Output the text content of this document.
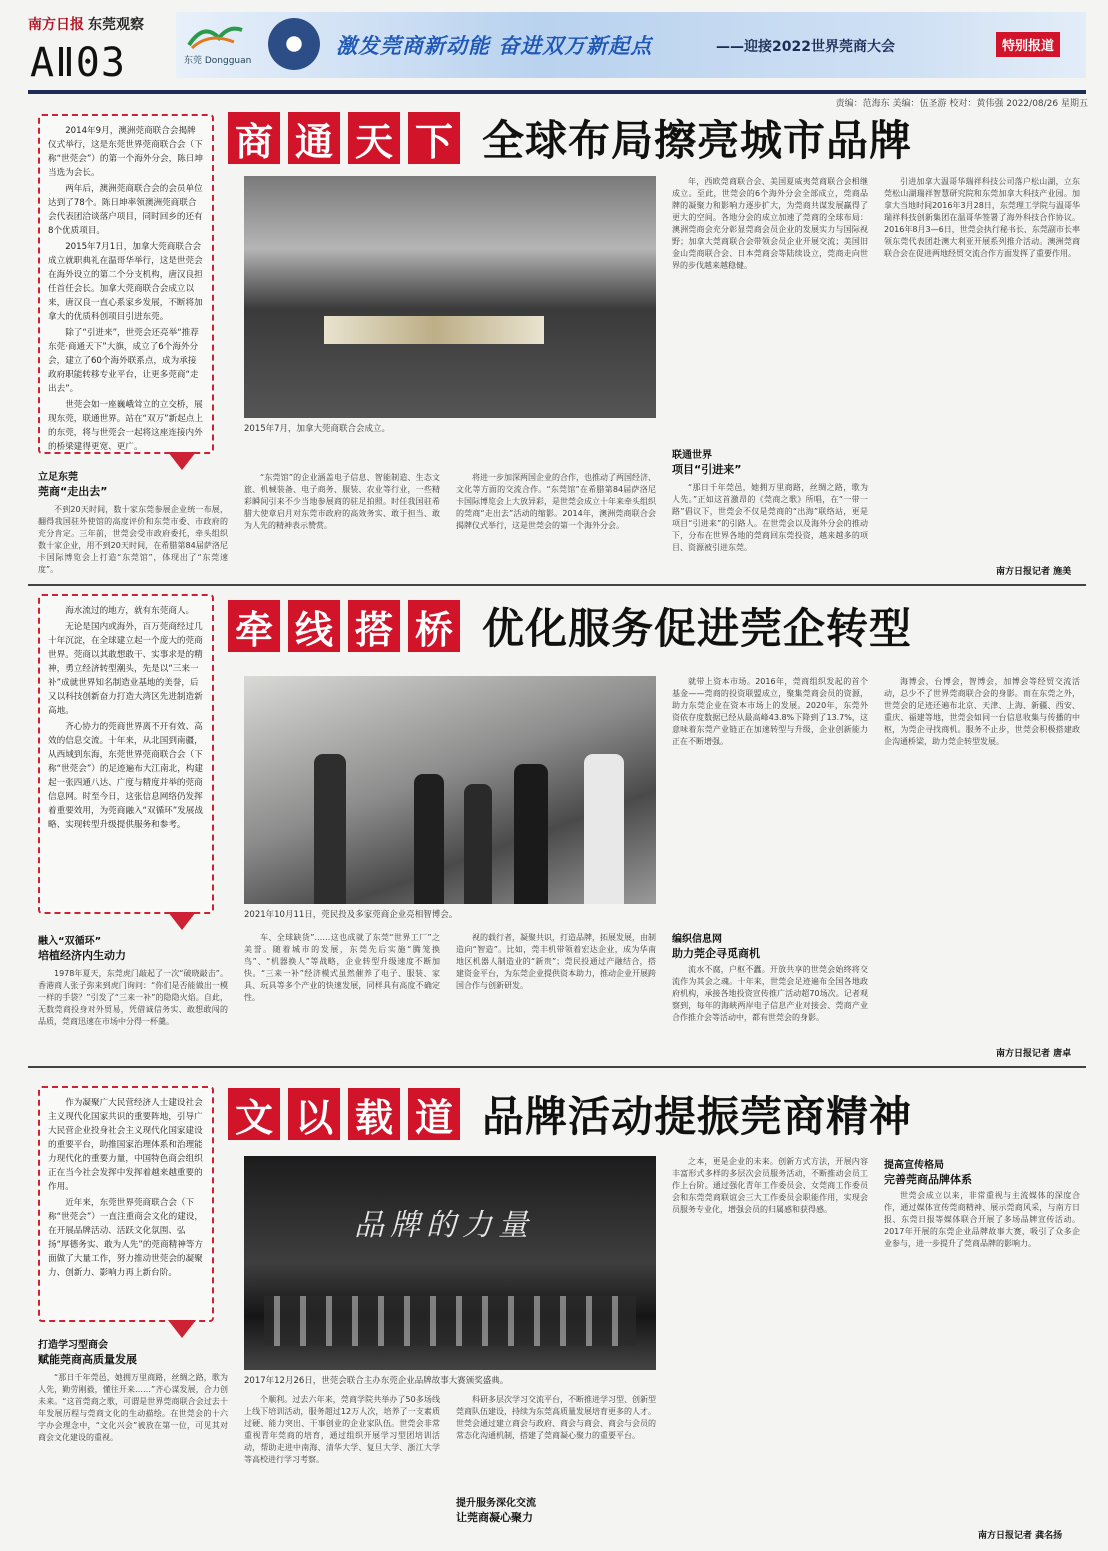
南方日报 东莞观察
AⅡ03	东莞 Dongguan
激发莞商新动能 奋进双万新起点	——迎接2022世界莞商大会	特别报道
责编：范海东 美编：伍圣游 校对：黄伟强 2022/08/26 星期五

2014年9月，澳洲莞商联合会揭牌仪式举行，这是东莞世界莞商联合会（下称“世莞会”）的第一个海外分会，陈日坤当选为会长。

两年后，澳洲莞商联合会的会员单位达到了78个。陈日坤率领澳洲莞商联合会代表团洽谈落户项目，同时回乡的还有8个优质项目。

2015年7月1日，加拿大莞商联合会成立就职典礼在温哥华举行，这是世莞会在海外设立的第二个分支机构，唐汉良担任首任会长。加拿大莞商联合会成立以来，唐汉良一直心系家乡发展，不断将加拿大的优质科创项目引进东莞。

除了“引进来”，世莞会还亮举“推荐东莞·商通天下”大旗，成立了6个海外分会，建立了60个海外联系点，成为承接政府职能转移专业平台，让更多莞商“走出去”。

世莞会如一座巍峨耸立的立交桥，展现东莞，联通世界。站在“双万”新起点上的东莞，将与世莞会一起将这座连接内外的桥梁建得更宽、更广。

商 通 天 下 全球布局擦亮城市品牌
2015年7月，加拿大莞商联合会成立。
立足东莞
莞商“走出去”

不到20天时间，数十家东莞参展企业统一布展，翻得我国驻外使馆的高度评价和东莞市委、市政府的充分肯定。三年前，世莞会受市政府委托，牵头组织数十家企业，用不到20天时间，在希腊第84届萨洛尼卡国际博览会上打造“东莞馆”，体现出了“东莞速度”。

“东莞馆”的企业涵盖电子信息、智能制造、生态文旅、机械装备、电子商务、服装、农业等行业，一些精彩瞬间引来不少当地参展商的驻足拍照。时任我国驻希腊大使章启月对东莞市政府的高效务实、敢于担当、敢为人先的精神表示赞赏。

将进一步加深两国企业的合作，也推动了两国经济、文化等方面的交流合作。“东莞馆”在希腊第84届萨洛尼卡国际博览会上大放异彩，是世莞会成立十年来牵头组织的莞商“走出去”活动的缩影。2014年，澳洲莞商联合会揭牌仪式举行，这是世莞会的第一个海外分会。

年，西欧莞商联合会、美国夏威夷莞商联合会相继成立。至此，世莞会的6个海外分会全部成立，莞商品牌的凝聚力和影响力逐步扩大，为莞商共谋发展赢得了更大的空间。各地分会的成立加速了莞商的全球布局：澳洲莞商会充分彰显莞商会员企业的发展实力与国际视野；加拿大莞商联合会带领会员企业开展交流；美国旧金山莞商联合会、日本莞商会等陆续设立，莞商走向世界的步伐越来越稳健。

联通世界
项目“引进来”

“那日千年莞邑，她拥万里商路，丝绸之路，歌为人先。”正如这首激昂的《莞商之歌》所唱，在“一带一路”倡议下，世莞会不仅是莞商的“出海”联络站，更是项目“引进来”的引路人。在世莞会以及海外分会的推动下，分布在世界各地的莞商回东莞投资，越来越多的项目、资源被引进东莞。

引进加拿大温哥华瑞祥科技公司落户松山湖，立东莞松山湖瑞祥智慧研究院和东莞加拿大科技产业园。加拿大当地时间2016年3月28日，东莞理工学院与温哥华瑞祥科技创新集团在温哥华签署了海外科技合作协议。2016年8月3—6日，世莞会执行秘书长、东莞副市长率领东莞代表团赴澳大利亚开展系列推介活动。澳洲莞商联合会在促进两地经贸交流合作方面发挥了重要作用。

南方日报记者 施美

海水流过的地方，就有东莞商人。

无论是国内或海外，百万莞商经过几十年沉淀，在全球建立起一个庞大的莞商世界。莞商以其敢想敢干、实事求是的精神，勇立经济转型潮头，先是以“三来一补”成就世界知名制造业基地的美誉，后又以科技创新奋力打造大湾区先进制造新高地。

齐心协力的莞商世界离不开有效、高效的信息交流。十年来，从北国到南疆，从西域到东海，东莞世界莞商联合会（下称“世莞会”）的足迹遍布大江南北，构建起一张四通八达、广度与精度并举的莞商信息网。时至今日，这张信息网络仍发挥着重要效用，为莞商融入“双循环”发展战略、实现转型升级提供服务和参考。

牵 线 搭 桥 优化服务促进莞企转型
2021年10月11日，莞民投及多家莞商企业亮相智博会。
融入“双循环”
培植经济内生动力

1978年夏天，东莞虎门敲起了一次“破晓敲击”。香港商人张子弥来到虎门询问：“你们是否能做出一模一样的手袋？”引发了“三来一补”的隐隐火焰。自此，无数莞商投身对外贸易，凭借诚信务实、敢想敢闯的品质，莞商迅速在市场中分得一杯羹。

车、全球缺货”……这也成就了东莞“世界工厂”之美誉。随着城市的发展，东莞先后实施“腾笼换鸟”、“机器换人”等战略，企业转型升级速度不断加快。“三来一补”经济模式虽然催养了电子、服装、家具、玩具等多个产业的快速发展，同样具有高度不确定性。

视的载行者，凝聚共识，打造品牌，拓展发展，由制造向“智造”。比如，莞丰机带领着宏达企业，成为华南地区机器人制造业的“新贵”；莞民投通过产融结合，搭建资金平台，为东莞企业提供资本助力，推动企业开展跨国合作与创新研发。

就带上资本市场。2016年，莞商组织发起的首个基金——莞商的投资联盟成立，聚集莞商会员的资源，助力东莞企业在资本市场上的发展。2020年，东莞外资依存度数据已经从最高峰43.8%下降到了13.7%，这意味着东莞产业链正在加速转型与升级，企业创新能力正在不断增强。

编织信息网
助力莞企寻觅商机

流水不腐，户枢不蠹。开放共享的世莞会始终将交流作为其会之魂。十年来，世莞会足迹遍布全国各地政府机构，承接各地投资宣传推广活动超70场次。记者观察到，每年的海峡两岸电子信息产业对接会、莞商产业合作推介会等活动中，都有世莞会的身影。

海博会，台博会，智博会，加博会等经贸交流活动，总少不了世界莞商联合会的身影。而在东莞之外，世莞会的足迹还遍布北京、天津、上海、新疆、西安、重庆、福建等地，世莞会如同一台信息收集与传播的中枢，为莞企寻找商机。服务不止步，世莞会积极搭建政企沟通桥梁，助力莞企转型发展。

南方日报记者 唐卓

作为凝聚广大民营经济人士建设社会主义现代化国家共识的重要阵地，引导广大民营企业投身社会主义现代化国家建设的重要平台，助推国家治理体系和治理能力现代化的重要力量，中国特色商会组织正在当今社会发挥中发挥着越来越重要的作用。

近年来，东莞世界莞商联合会（下称“世莞会”）一直注重商会文化的建设，在开展品牌活动、活跃文化氛围、弘扬“厚德务实、敢为人先”的莞商精神等方面做了大量工作，努力推动世莞会的凝聚力、创新力、影响力再上新台阶。

文 以 载 道 品牌活动提振莞商精神
品牌的力量
2017年12月26日，世莞会联合主办东莞企业品牌故事大赛颁奖盛典。
打造学习型商会
赋能莞商高质量发展

“那日千年莞邑，她拥万里商路，丝绸之路，歌为人先，勤劳刚毅，懂往开来……”齐心谋发展，合力创未来。“这首莞商之歌，可谓是世界莞商联合会过去十年发展历程与莞商文化的生动描绘。在世莞会的十六字办会理念中，“文化兴会”被放在第一位，可见其对商会文化建设的重视。

个顺利。过去六年来，莞商学院共举办了50多场线上线下培训活动，服务超过12万人次，培养了一支素质过硬、能力突出、干事创业的企业家队伍。世莞会非常重视青年莞商的培育，通过组织开展学习型团培训活动，帮助走进中南海、清华大学、复旦大学、浙江大学等高校进行学习考察。

科研多层次学习交流平台，不断推进学习型、创新型莞商队伍建设，持续为东莞高质量发展培育更多的人才。世莞会通过建立商会与政府、商会与商会、商会与会员的常态化沟通机制，搭建了莞商凝心聚力的重要平台。

提升服务深化交流
让莞商凝心聚力

之本，更是企业的未来。创新方式方法，开展内容丰富形式多样的多层次会员服务活动，不断推动会员工作上台阶。通过强化青年工作委员会、女莞商工作委员会和东莞莞商联谊会三大工作委员会职能作用，实现会员服务专业化，增强会员的归属感和获得感。

提高宣传格局
完善莞商品牌体系

世莞会成立以来，非常重视与主流媒体的深度合作，通过媒体宣传莞商精神、展示莞商风采，与南方日报、东莞日报等媒体联合开展了多场品牌宣传活动。2017年开展的东莞企业品牌故事大赛，吸引了众多企业参与，进一步提升了莞商品牌的影响力。

南方日报记者 龚名扬
